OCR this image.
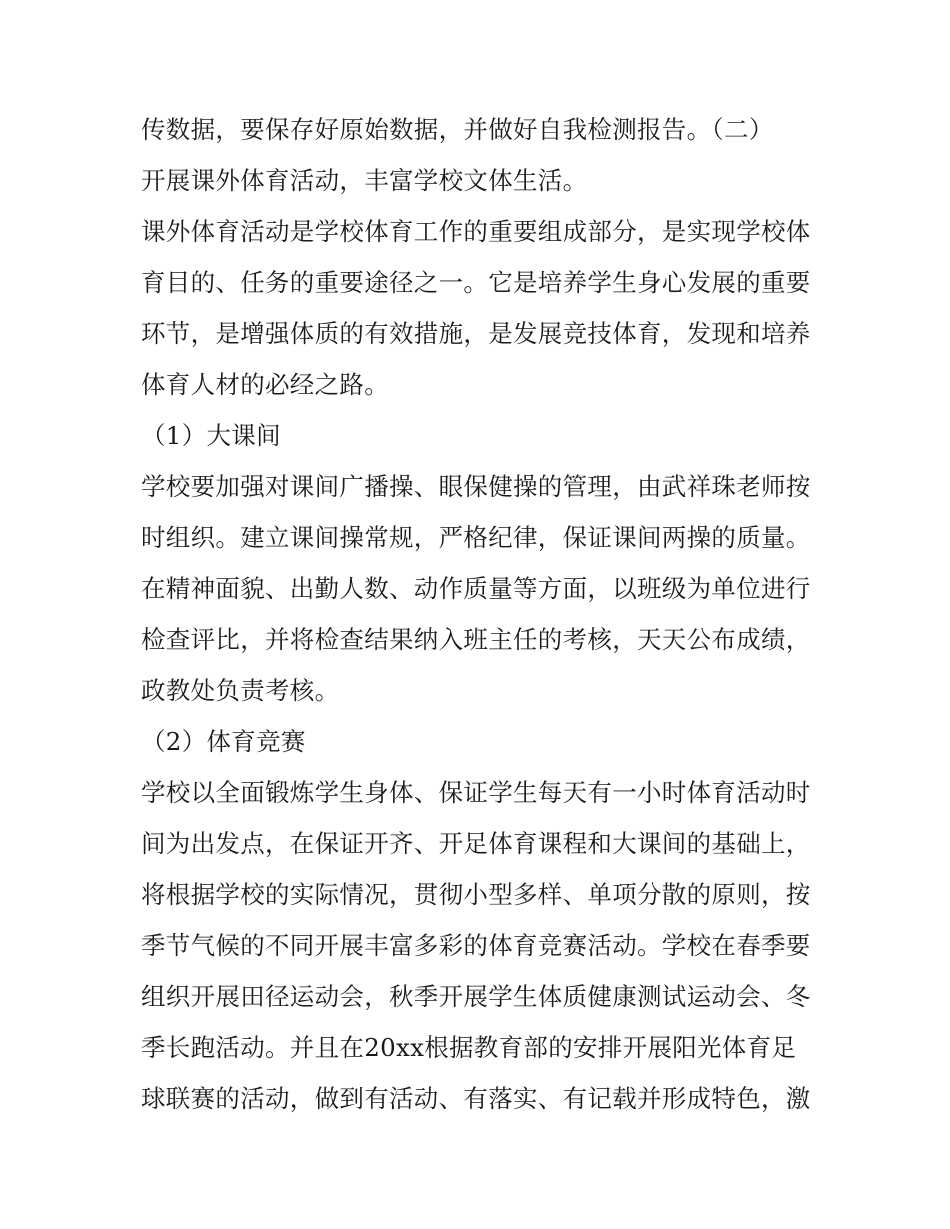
传数据，要保存好原始数据，并做好自我检测报告。（二）
开展课外体育活动，丰富学校文体生活。
课外体育活动是学校体育工作的重要组成部分，是实现学校体
育目的、任务的重要途径之一。它是培养学生身心发展的重要
环节，是增强体质的有效措施，是发展竞技体育，发现和培养
体育人材的必经之路。
（1）大课间
学校要加强对课间广播操、眼保健操的管理，由武祥珠老师按
时组织。建立课间操常规，严格纪律，保证课间两操的质量。
在精神面貌、出勤人数、动作质量等方面，以班级为单位进行
检查评比，并将检查结果纳入班主任的考核，天天公布成绩，
政教处负责考核。
（2）体育竞赛
学校以全面锻炼学生身体、保证学生每天有一小时体育活动时
间为出发点，在保证开齐、开足体育课程和大课间的基础上，
将根据学校的实际情况，贯彻小型多样、单项分散的原则，按
季节气候的不同开展丰富多彩的体育竞赛活动。学校在春季要
组织开展田径运动会，秋季开展学生体质健康测试运动会、冬
季长跑活动。并且在20xx根据教育部的安排开展阳光体育足
球联赛的活动，做到有活动、有落实、有记载并形成特色，激
